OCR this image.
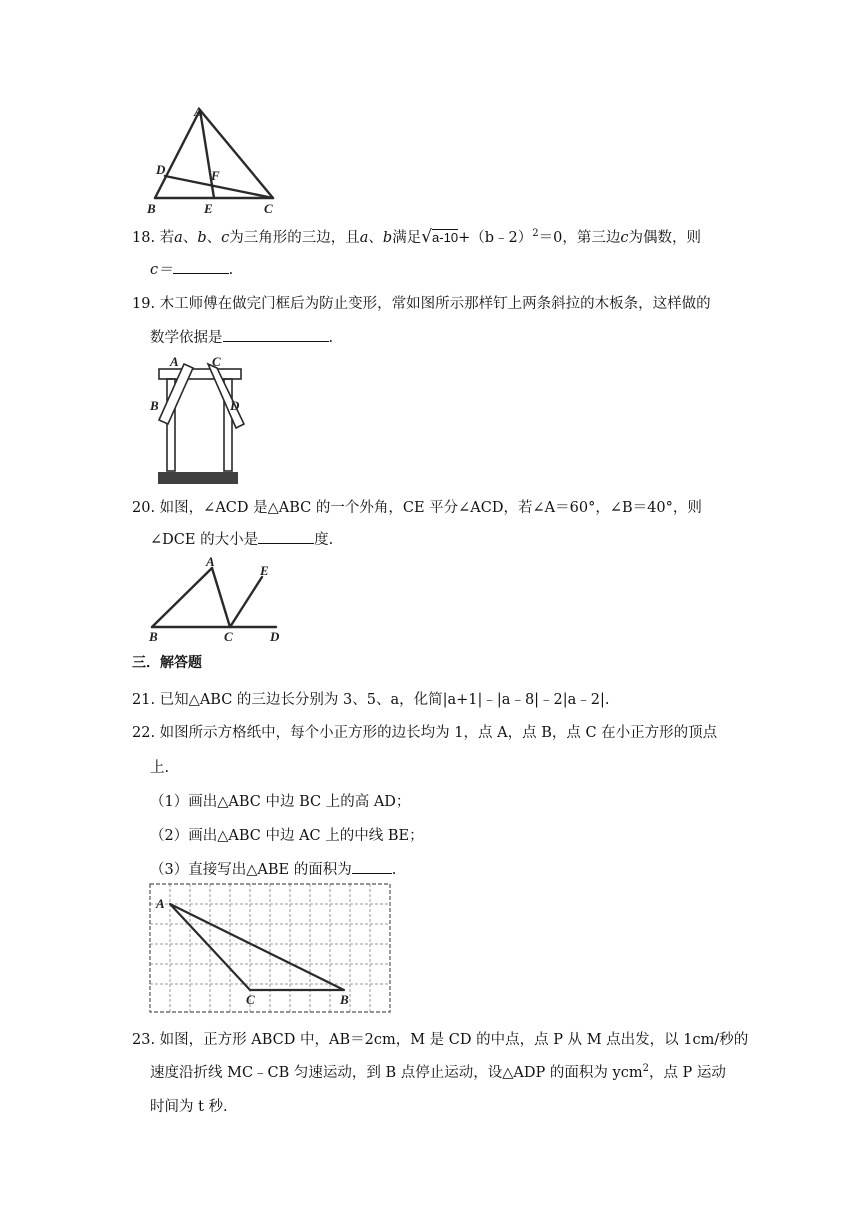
A
D	F
B	E	C
18. 若a、b、c为三角形的三边，且a、b满足√a-10+（b﹣2）$^2$＝0，第三边c为偶数，则
c＝	.
19. 木工师傅在做完门框后为防止变形，常如图所示那样钉上两条斜拉的木板条，这样做的
数学依据是	.
A	C
B	D
20. 如图，∠ACD 是△ABC 的一个外角，CE 平分∠ACD，若∠A＝60°，∠B＝40°，则
∠DCE 的大小是	度.
A
E
B	C	D
三．解答题
21. 已知△ABC 的三边长分别为 3、5、a，化简|a+1|﹣|a﹣8|﹣2|a﹣2|.
22. 如图所示方格纸中，每个小正方形的边长均为 1，点 A，点 B，点 C 在小正方形的顶点
上.
（1）画出△ABC 中边 BC 上的高 AD；
（2）画出△ABC 中边 AC 上的中线 BE；
（3）直接写出△ABE 的面积为	.
A
C	B
23. 如图，正方形 ABCD 中，AB＝2cm，M 是 CD 的中点，点 P 从 M 点出发，以 1cm/秒的
速度沿折线 MC﹣CB 匀速运动，到 B 点停止运动，设△ADP 的面积为 ycm$^2$，点 P 运动
时间为 t 秒.
